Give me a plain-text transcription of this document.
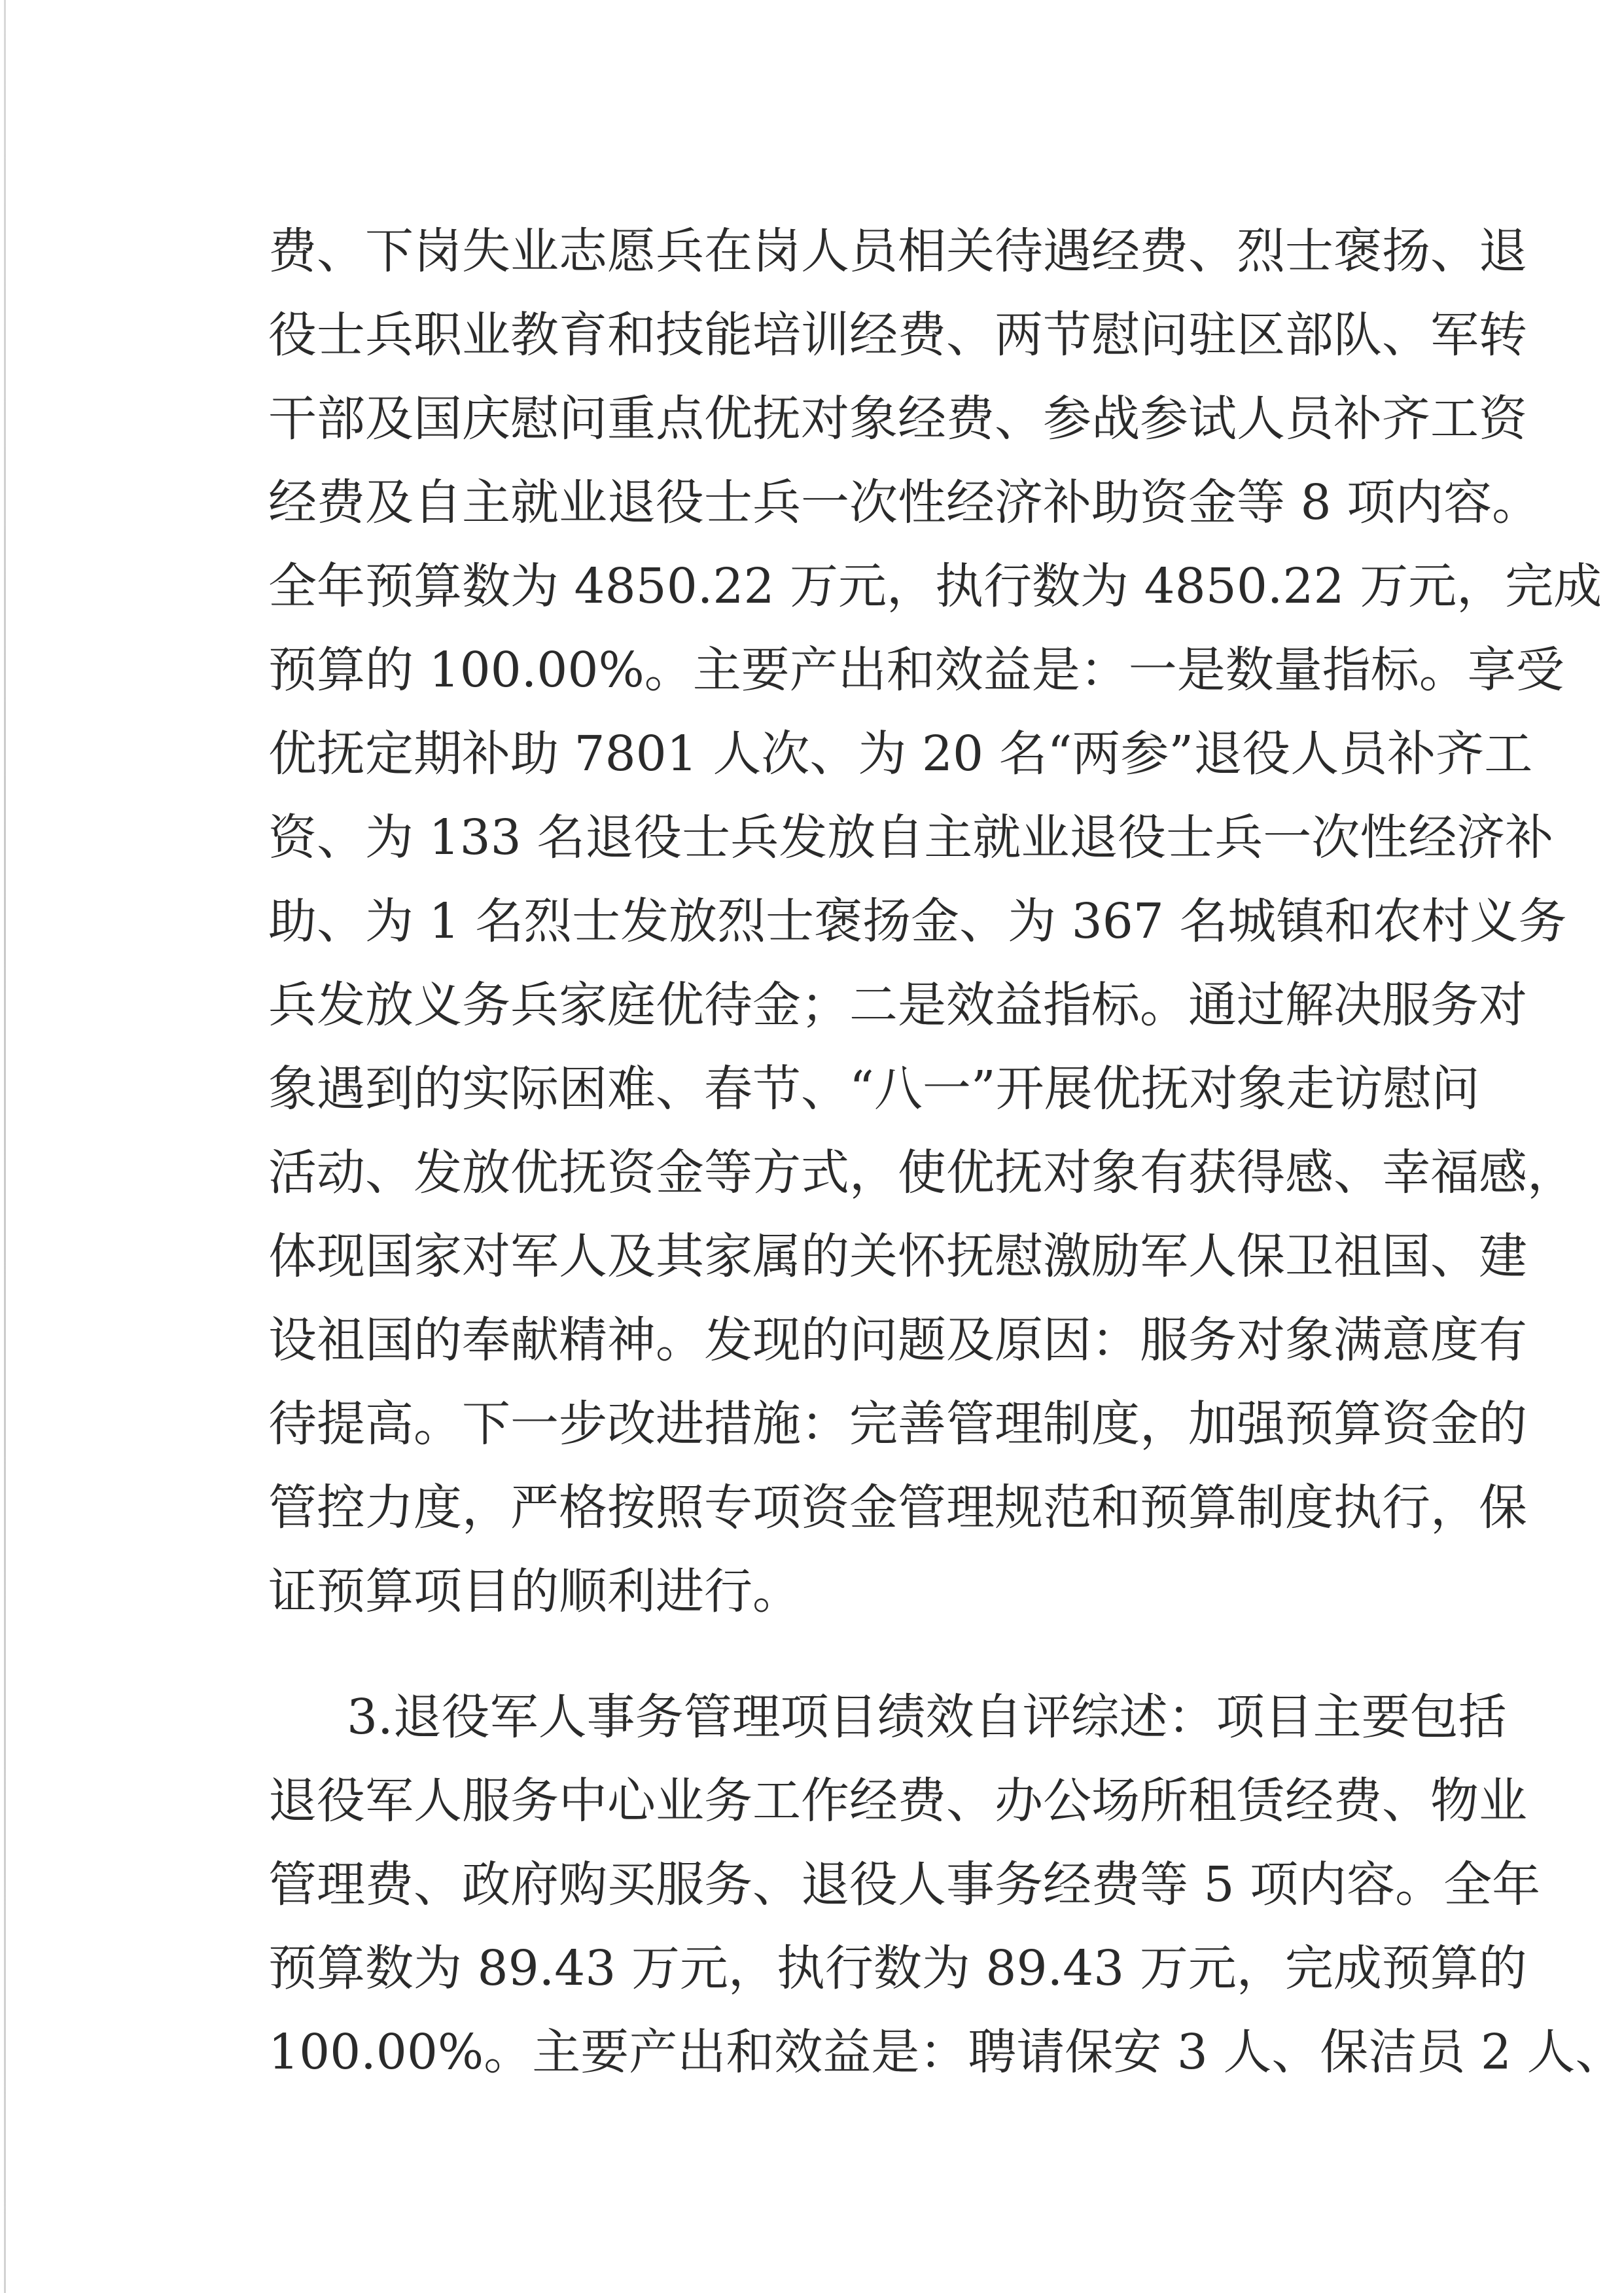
费、下岗失业志愿兵在岗人员相关待遇经费、烈士褒扬、退
役士兵职业教育和技能培训经费、两节慰问驻区部队、军转
干部及国庆慰问重点优抚对象经费、参战参试人员补齐工资
经费及自主就业退役士兵一次性经济补助资金等 8 项内容。
全年预算数为 4850.22 万元，执行数为 4850.22 万元，完成
预算的 100.00%。主要产出和效益是：一是数量指标。享受
优抚定期补助 7801 人次、为 20 名“两参”退役人员补齐工
资、为 133 名退役士兵发放自主就业退役士兵一次性经济补
助、为 1 名烈士发放烈士褒扬金、为 367 名城镇和农村义务
兵发放义务兵家庭优待金；二是效益指标。通过解决服务对
象遇到的实际困难、春节、“八一”开展优抚对象走访慰问
活动、发放优抚资金等方式，使优抚对象有获得感、幸福感，
体现国家对军人及其家属的关怀抚慰激励军人保卫祖国、建
设祖国的奉献精神。发现的问题及原因：服务对象满意度有
待提高。下一步改进措施：完善管理制度，加强预算资金的
管控力度，严格按照专项资金管理规范和预算制度执行，保
证预算项目的顺利进行。
3.退役军人事务管理项目绩效自评综述：项目主要包括
退役军人服务中心业务工作经费、办公场所租赁经费、物业
管理费、政府购买服务、退役人事务经费等 5 项内容。全年
预算数为 89.43 万元，执行数为 89.43 万元，完成预算的
100.00%。主要产出和效益是：聘请保安 3 人、保洁员 2 人、
